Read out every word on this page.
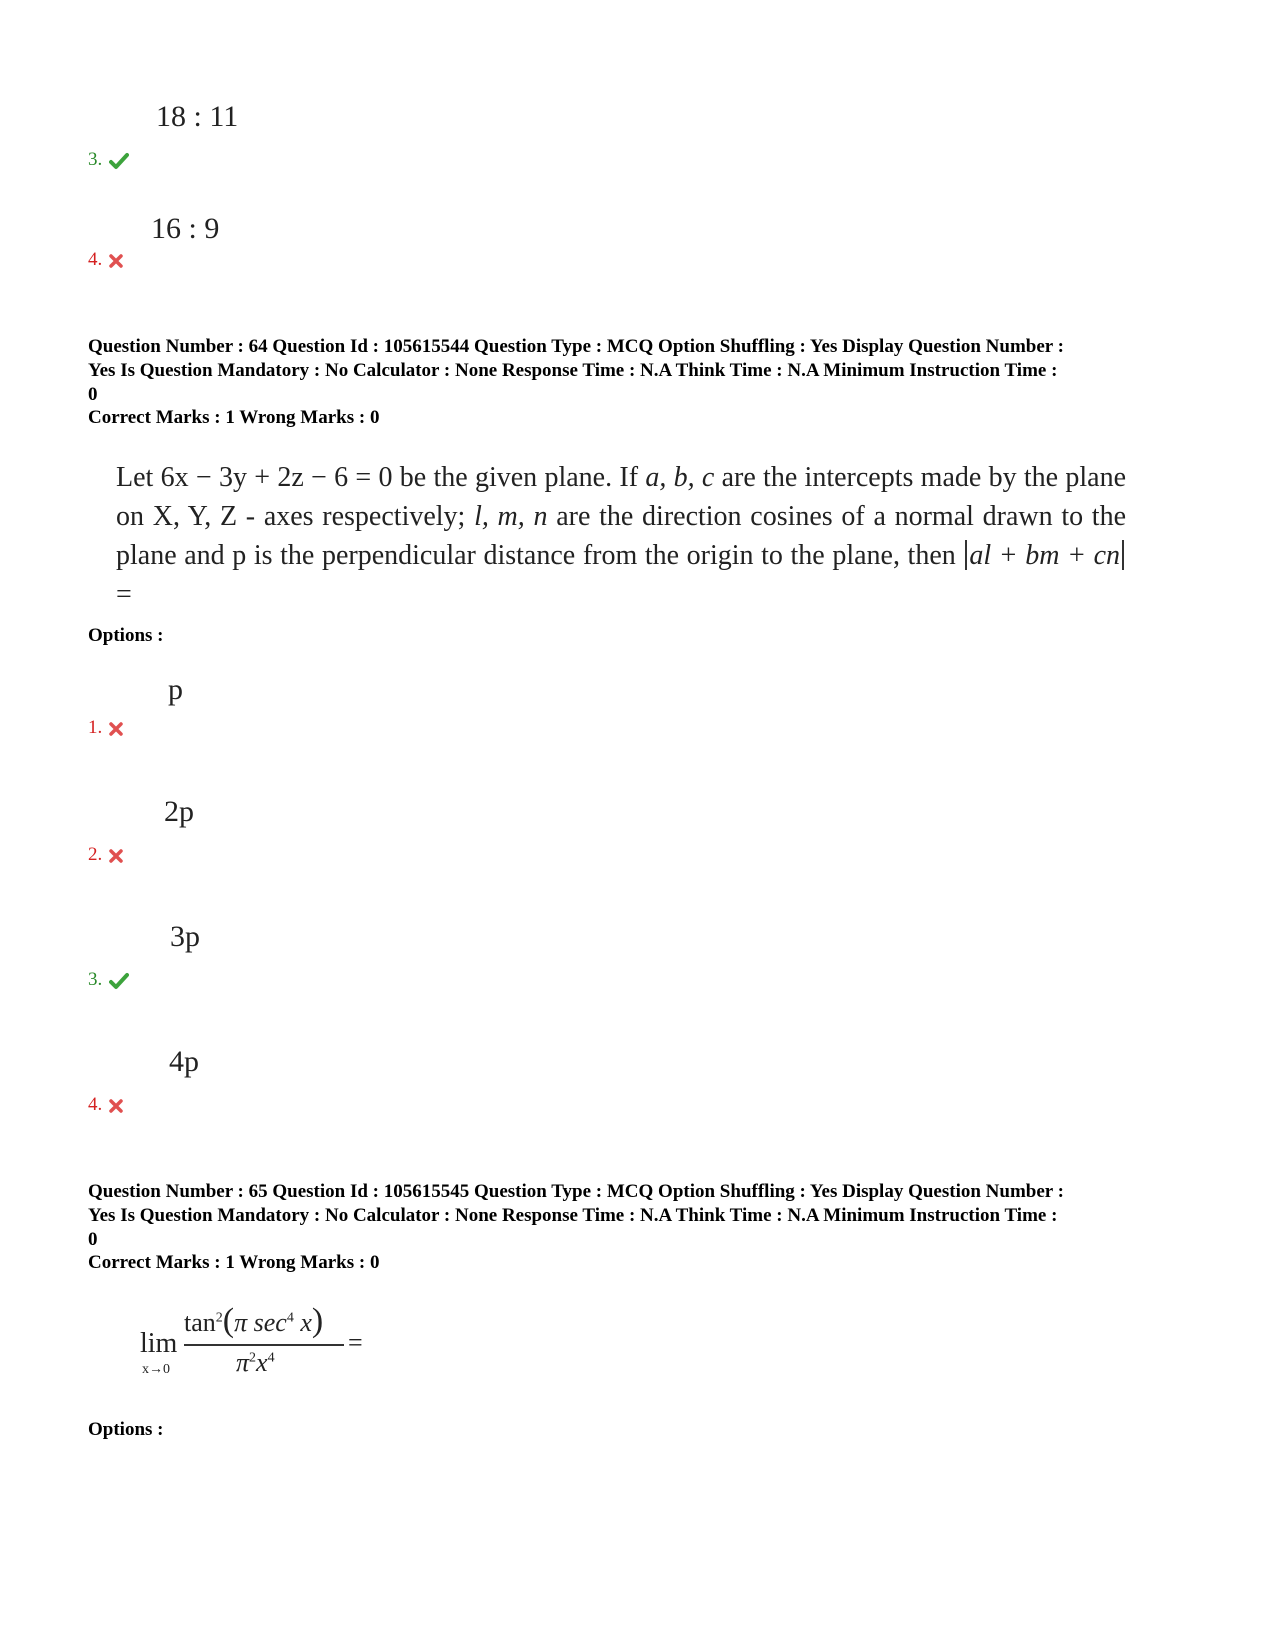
18 : 11
3.
16 : 9
4.
Question Number : 64 Question Id : 105615544 Question Type : MCQ Option Shuffling : Yes Display Question Number :
Yes Is Question Mandatory : No Calculator : None Response Time : N.A Think Time : N.A Minimum Instruction Time :
0
Correct Marks : 1 Wrong Marks : 0
Let 6x − 3y + 2z − 6 = 0 be the given plane. If a, b, c are the intercepts made by the plane on X, Y, Z - axes respectively; l, m, n are the direction cosines of a normal drawn to the plane and p is the perpendicular distance from the origin to the plane, then al + bm + cn =
Options :
p
1.
2p
2.
3p
3.
4p
4.
Question Number : 65 Question Id : 105615545 Question Type : MCQ Option Shuffling : Yes Display Question Number :
Yes Is Question Mandatory : No Calculator : None Response Time : N.A Think Time : N.A Minimum Instruction Time :
0
Correct Marks : 1 Wrong Marks : 0
lim
x→0
$\tan^2(\pi$ $\sec^4 x$)
$\pi^2x^4$
=
Options :
